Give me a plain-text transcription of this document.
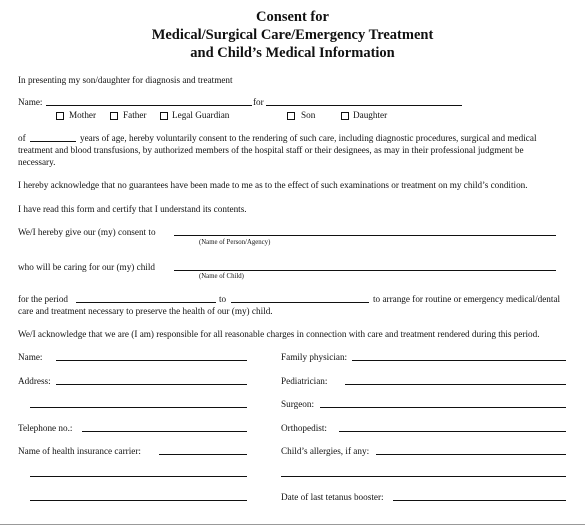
Consent for
Medical/Surgical Care/Emergency Treatment
and Child’s Medical Information
In presenting my son/daughter for diagnosis and treatment
Name:	for
Mother	Father	Legal Guardian	Son	Daughter
of	years of age, hereby voluntarily consent to the rendering of such care, including diagnostic procedures, surgical and medical
treatment and blood transfusions, by authorized members of the hospital staff or their designees, as may in their professional judgment be
necessary.
I hereby acknowledge that no guarantees have been made to me as to the effect of such examinations or treatment on my child’s condition.
I have read this form and certify that I understand its contents.
We/I hereby give our (my) consent to
(Name of Person/Agency)
who will be caring for our (my) child
(Name of Child)
for the period	to	to arrange for routine or emergency medical/dental
care and treatment necessary to preserve the health of our (my) child.
We/I acknowledge that we are (I am) responsible for all reasonable charges in connection with care and treatment rendered during this period.
Name:
Address:
Telephone no.:
Name of health insurance carrier:
Family physician:
Pediatrician:
Surgeon:
Orthopedist:
Child’s allergies, if any:
Date of last tetanus booster:
